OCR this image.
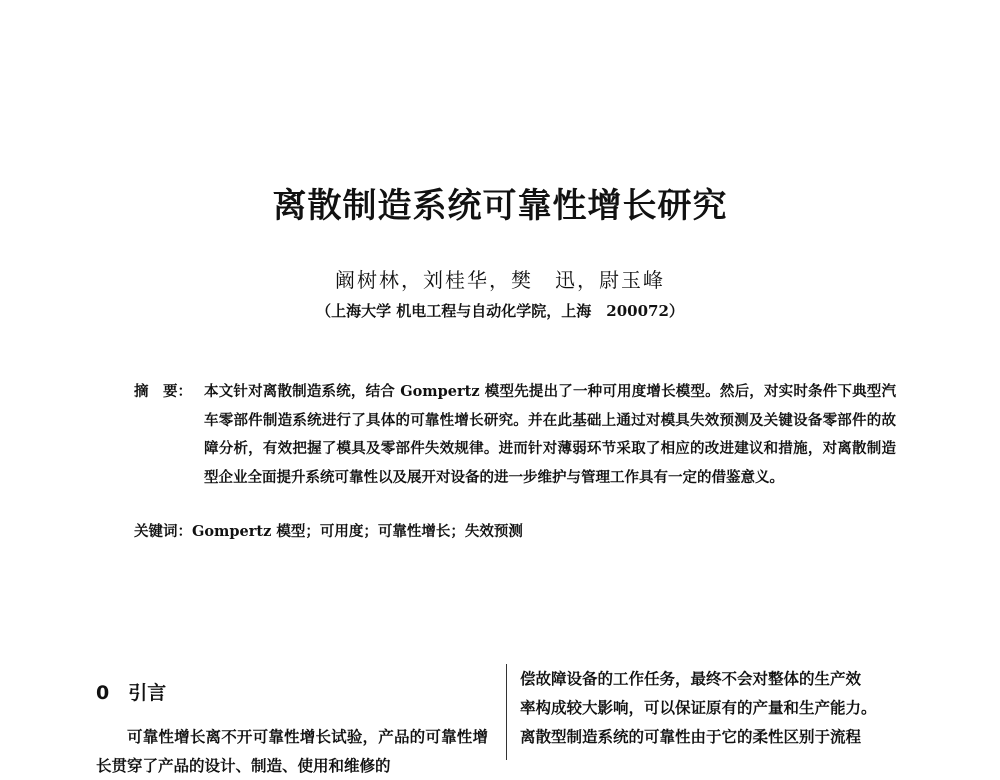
离散制造系统可靠性增长研究
阚树林，刘桂华，樊　迅，尉玉峰
（上海大学 机电工程与自动化学院，上海　200072）
摘　要： 本文针对离散制造系统，结合 Gompertz 模型先提出了一种可用度增长模型。然后，对实时条件下典型汽车零部件制造系统进行了具体的可靠性增长研究。并在此基础上通过对模具失效预测及关键设备零部件的故障分析，有效把握了模具及零部件失效规律。进而针对薄弱环节采取了相应的改进建议和措施，对离散制造型企业全面提升系统可靠性以及展开对设备的进一步维护与管理工作具有一定的借鉴意义。
关键词：Gompertz 模型；可用度；可靠性增长；失效预测
0　引言
可靠性增长离不开可靠性增长试验，产品的可靠性增长贯穿了产品的设计、制造、使用和维修的
偿故障设备的工作任务，最终不会对整体的生产效
率构成较大影响，可以保证原有的产量和生产能力。
离散型制造系统的可靠性由于它的柔性区别于流程
